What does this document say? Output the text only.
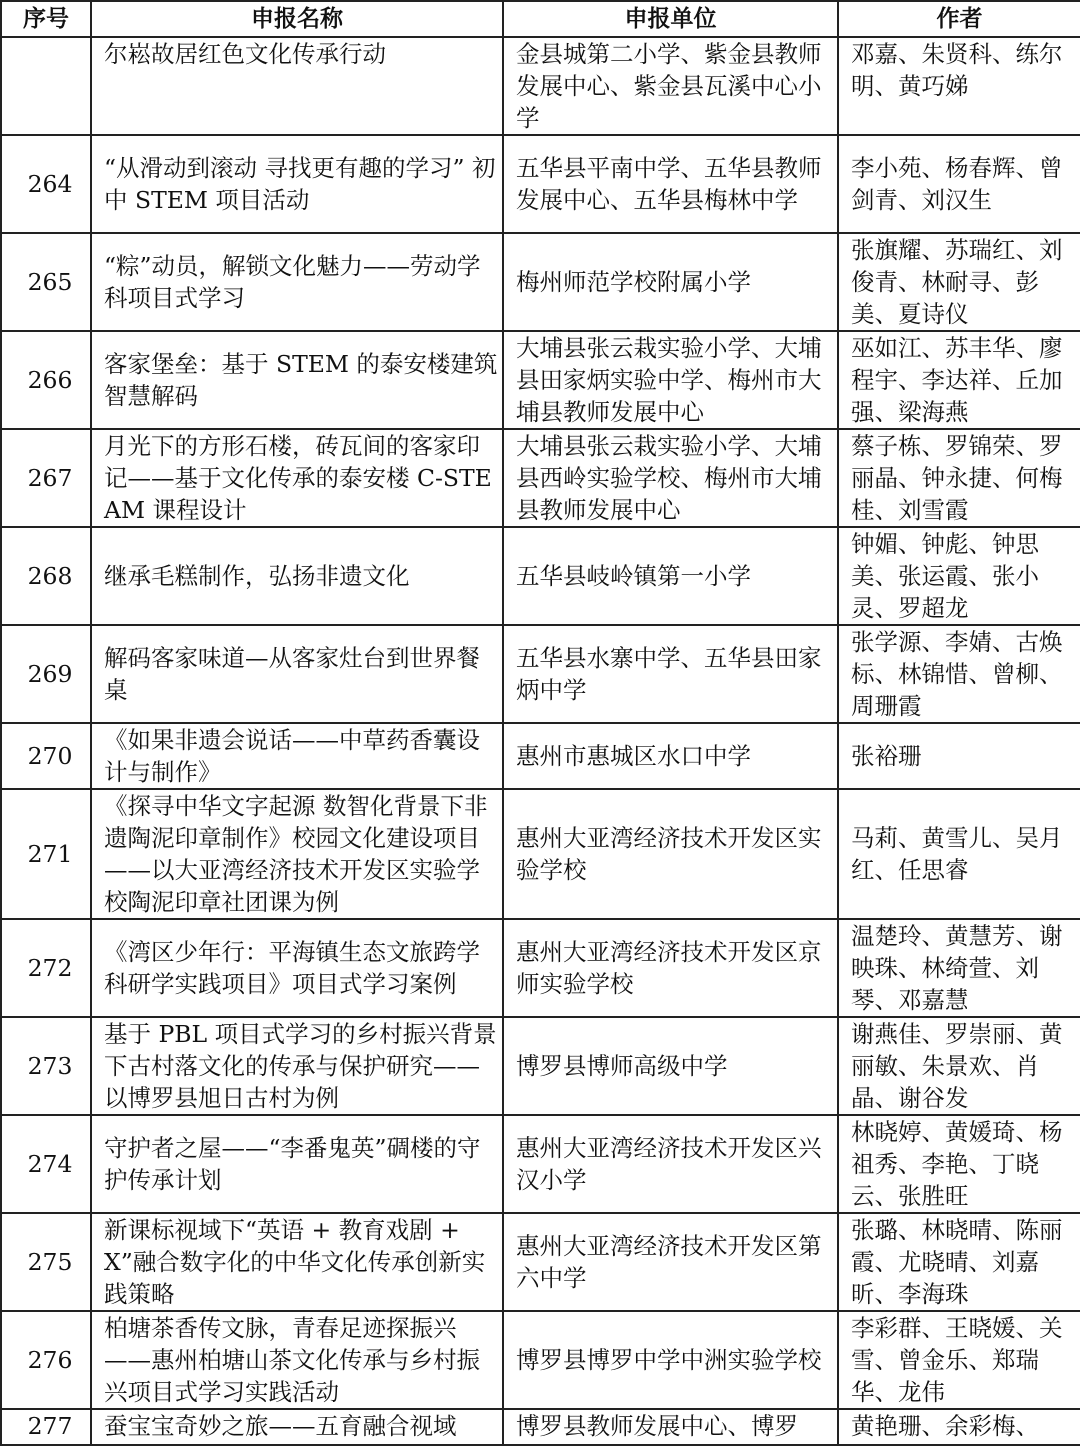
序号	申报名称	申报单位	作者
	尔崧故居红色文化传承行动	金县城第二小学、紫金县教师发展中心、紫金县瓦溪中心小学	邓嘉、朱贤科、练尔明、黄巧娣
264	“从滑动到滚动 寻找更有趣的学习” 初中 STEM 项目活动	五华县平南中学、五华县教师发展中心、五华县梅林中学	李小苑、杨春辉、曾剑青、刘汉生
265	“粽”动员，解锁文化魅力——劳动学科项目式学习	梅州师范学校附属小学	张旗耀、苏瑞红、刘俊青、林耐寻、彭美、夏诗仪
266	客家堡垒：基于 STEM 的泰安楼建筑智慧解码	大埔县张云栽实验小学、大埔县田家炳实验中学、梅州市大埔县教师发展中心	巫如江、苏丰华、廖程宇、李达祥、丘加强、梁海燕
267	月光下的方形石楼，砖瓦间的客家印记——基于文化传承的泰安楼 C-STEAM 课程设计	大埔县张云栽实验小学、大埔县西岭实验学校、梅州市大埔县教师发展中心	蔡子栋、罗锦荣、罗丽晶、钟永捷、何梅桂、刘雪霞
268	继承毛糕制作，弘扬非遗文化	五华县岐岭镇第一小学	钟媚、钟彪、钟思美、张运霞、张小灵、罗超龙
269	解码客家味道—从客家灶台到世界餐桌	五华县水寨中学、五华县田家炳中学	张学源、李婧、古焕标、林锦惜、曾柳、周珊霞
270	《如果非遗会说话——中草药香囊设计与制作》	惠州市惠城区水口中学	张裕珊
271	《探寻中华文字起源 数智化背景下非遗陶泥印章制作》校园文化建设项目——以大亚湾经济技术开发区实验学校陶泥印章社团课为例	惠州大亚湾经济技术开发区实验学校	马莉、黄雪儿、吴月红、任思睿
272	《湾区少年行：平海镇生态文旅跨学科研学实践项目》项目式学习案例	惠州大亚湾经济技术开发区京师实验学校	温楚玲、黄慧芳、谢映珠、林绮萱、刘琴、邓嘉慧
273	基于 PBL 项目式学习的乡村振兴背景下古村落文化的传承与保护研究——以博罗县旭日古村为例	博罗县博师高级中学	谢燕佳、罗崇丽、黄丽敏、朱景欢、肖晶、谢谷发
274	守护者之屋——“李番鬼英”碉楼的守护传承计划	惠州大亚湾经济技术开发区兴汉小学	林晓婷、黄媛琦、杨祖秀、李艳、丁晓云、张胜旺
275	新课标视域下“英语 + 教育戏剧 + X”融合数字化的中华文化传承创新实践策略	惠州大亚湾经济技术开发区第六中学	张璐、林晓晴、陈丽霞、尤晓晴、刘嘉昕、李海珠
276	柏塘茶香传文脉，青春足迹探振兴——惠州柏塘山茶文化传承与乡村振兴项目式学习实践活动	博罗县博罗中学中洲实验学校	李彩群、王晓媛、关雪、曾金乐、郑瑞华、龙伟
277	蚕宝宝奇妙之旅——五育融合视域	博罗县教师发展中心、博罗	黄艳珊、余彩梅、
